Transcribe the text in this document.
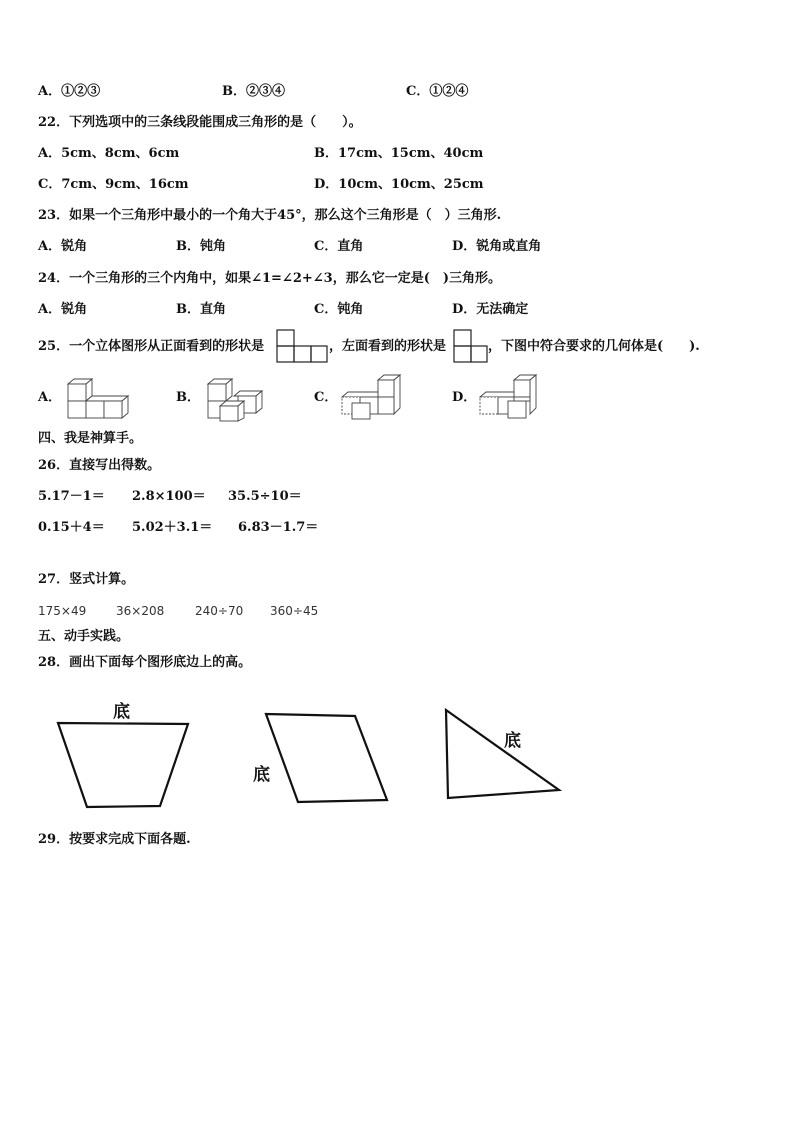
A．①②③	B．②③④	C．①②④
22．下列选项中的三条线段能围成三角形的是（　　）。
A．5cm、8cm、6cm	B．17cm、15cm、40cm
C．7cm、9cm、16cm	D．10cm、10cm、25cm
23．如果一个三角形中最小的一个角大于45°，那么这个三角形是（　）三角形.
A．锐角	B．钝角	C．直角	D．锐角或直角
24．一个三角形的三个内角中，如果∠1=∠2+∠3，那么它一定是(　)三角形。
A．锐角	B．直角	C．钝角	D．无法确定
25．一个立体图形从正面看到的形状是	，左面看到的形状是	，下图中符合要求的几何体是(　　).
A．	B．	C．	D．
四、我是神算手。
26．直接写出得数。
5.17－1＝ 2.8×100＝ 35.5÷10＝
0.15＋4＝ 5.02＋3.1＝ 6.83－1.7＝
27．竖式计算。
175×49 36×208	240÷70 360÷45
五、动手实践。
28．画出下面每个图形底边上的高。
底
底
底
29．按要求完成下面各题.
